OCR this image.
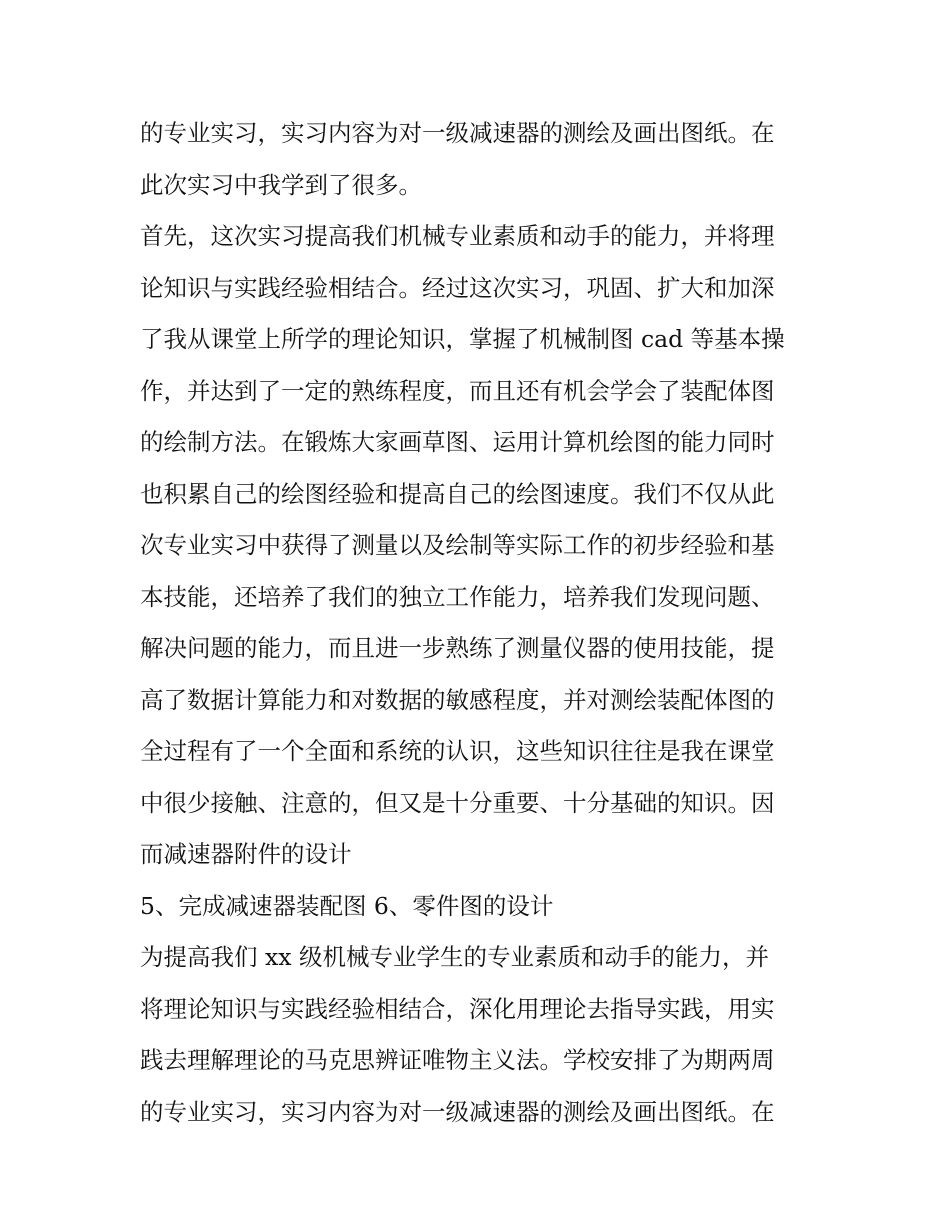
的专业实习，实习内容为对一级减速器的测绘及画出图纸。在
此次实习中我学到了很多。
首先，这次实习提高我们机械专业素质和动手的能力，并将理
论知识与实践经验相结合。经过这次实习，巩固、扩大和加深
了我从课堂上所学的理论知识，掌握了机械制图 cad 等基本操
作，并达到了一定的熟练程度，而且还有机会学会了装配体图
的绘制方法。在锻炼大家画草图、运用计算机绘图的能力同时
也积累自己的绘图经验和提高自己的绘图速度。我们不仅从此
次专业实习中获得了测量以及绘制等实际工作的初步经验和基
本技能，还培养了我们的独立工作能力，培养我们发现问题、
解决问题的能力，而且进一步熟练了测量仪器的使用技能，提
高了数据计算能力和对数据的敏感程度，并对测绘装配体图的
全过程有了一个全面和系统的认识，这些知识往往是我在课堂
中很少接触、注意的，但又是十分重要、十分基础的知识。因
而减速器附件的设计
5、完成减速器装配图 6、零件图的设计
为提高我们 xx 级机械专业学生的专业素质和动手的能力，并
将理论知识与实践经验相结合，深化用理论去指导实践，用实
践去理解理论的马克思辨证唯物主义法。学校安排了为期两周
的专业实习，实习内容为对一级减速器的测绘及画出图纸。在
